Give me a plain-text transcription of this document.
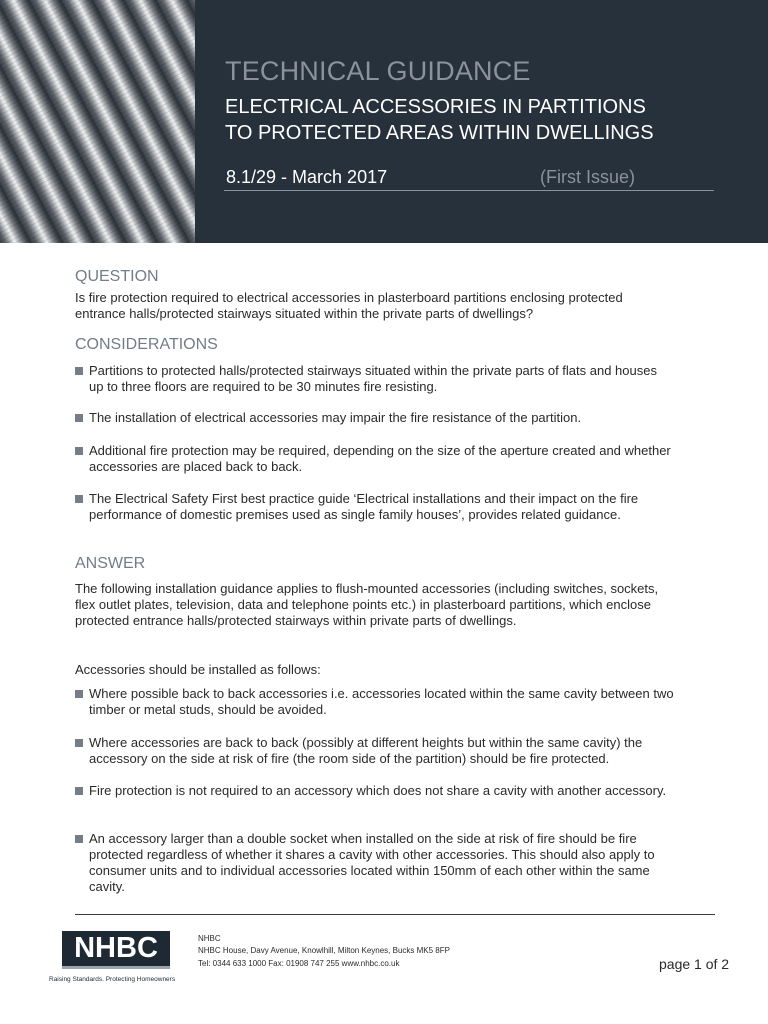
TECHNICAL GUIDANCE
ELECTRICAL ACCESSORIES IN PARTITIONS
TO PROTECTED AREAS WITHIN DWELLINGS
8.1/29 - March 2017	(First Issue)
QUESTION
Is fire protection required to electrical accessories in plasterboard partitions enclosing protected entrance halls/protected stairways situated within the private parts of dwellings?
CONSIDERATIONS
Partitions to protected halls/protected stairways situated within the private parts of flats and houses up to three floors are required to be 30 minutes fire resisting.
The installation of electrical accessories may impair the fire resistance of the partition.
Additional fire protection may be required, depending on the size of the aperture created and whether accessories are placed back to back.
The Electrical Safety First best practice guide ‘Electrical installations and their impact on the fire performance of domestic premises used as single family houses’, provides related guidance.
ANSWER
The following installation guidance applies to flush-mounted accessories (including switches, sockets, flex outlet plates, television, data and telephone points etc.) in plasterboard partitions, which enclose protected entrance halls/protected stairways within private parts of dwellings.
Accessories should be installed as follows:
Where possible back to back accessories i.e. accessories located within the same cavity between two timber or metal studs, should be avoided.
Where accessories are back to back (possibly at different heights but within the same cavity) the accessory on the side at risk of fire (the room side of the partition) should be fire protected.
Fire protection is not required to an accessory which does not share a cavity with another accessory.
An accessory larger than a double socket when installed on the side at risk of fire should be fire protected regardless of whether it shares a cavity with other accessories. This should also apply to consumer units and to individual accessories located within 150mm of each other within the same cavity.
NHBC
Raising Standards. Protecting Homeowners
NHBC
NHBC House, Davy Avenue, Knowlhill, Milton Keynes, Bucks MK5 8FP
Tel: 0344 633 1000 Fax: 01908 747 255 www.nhbc.co.uk	page 1 of 2
